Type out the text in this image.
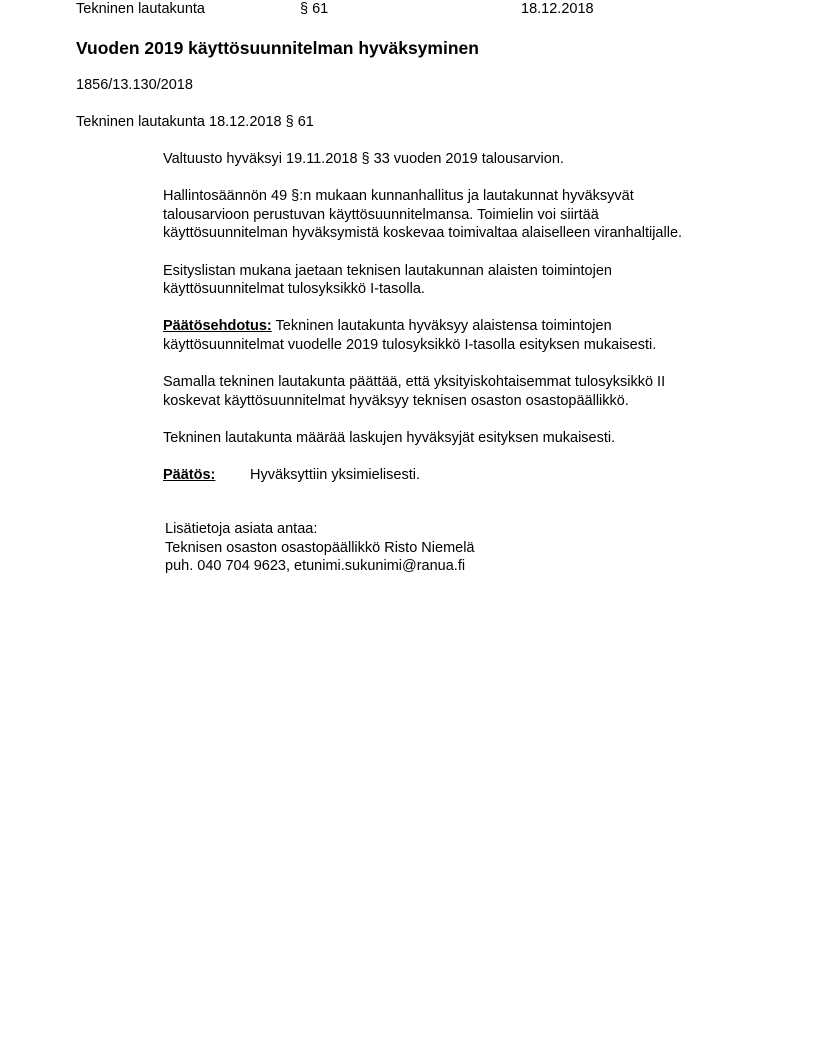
Tekninen lautakunta	§ 61	18.12.2018
Vuoden 2019 käyttösuunnitelman hyväksyminen
1856/13.130/2018
Tekninen lautakunta 18.12.2018 § 61

Valtuusto hyväksyi 19.11.2018 § 33 vuoden 2019 talousarvion.

Hallintosäännön 49 §:n mukaan kunnanhallitus ja lautakunnat hyväksyvät
talousarvioon perustuvan käyttösuunnitelmansa. Toimielin voi siirtää
käyttösuunnitelman hyväksymistä koskevaa toimivaltaa alaiselleen viranhaltijalle.

Esityslistan mukana jaetaan teknisen lautakunnan alaisten toimintojen
käyttösuunnitelmat tulosyksikkö I-tasolla.

Päätösehdotus: Tekninen lautakunta hyväksyy alaistensa toimintojen
käyttösuunnitelmat vuodelle 2019 tulosyksikkö I-tasolla esityksen mukaisesti.

Samalla tekninen lautakunta päättää, että yksityiskohtaisemmat tulosyksikkö II
koskevat käyttösuunnitelmat hyväksyy teknisen osaston osastopäällikkö.

Tekninen lautakunta määrää laskujen hyväksyjät esityksen mukaisesti.

Päätös: Hyväksyttiin yksimielisesti.
Lisätietoja asiata antaa:
Teknisen osaston osastopäällikkö Risto Niemelä
puh. 040 704 9623, etunimi.sukunimi@ranua.fi
